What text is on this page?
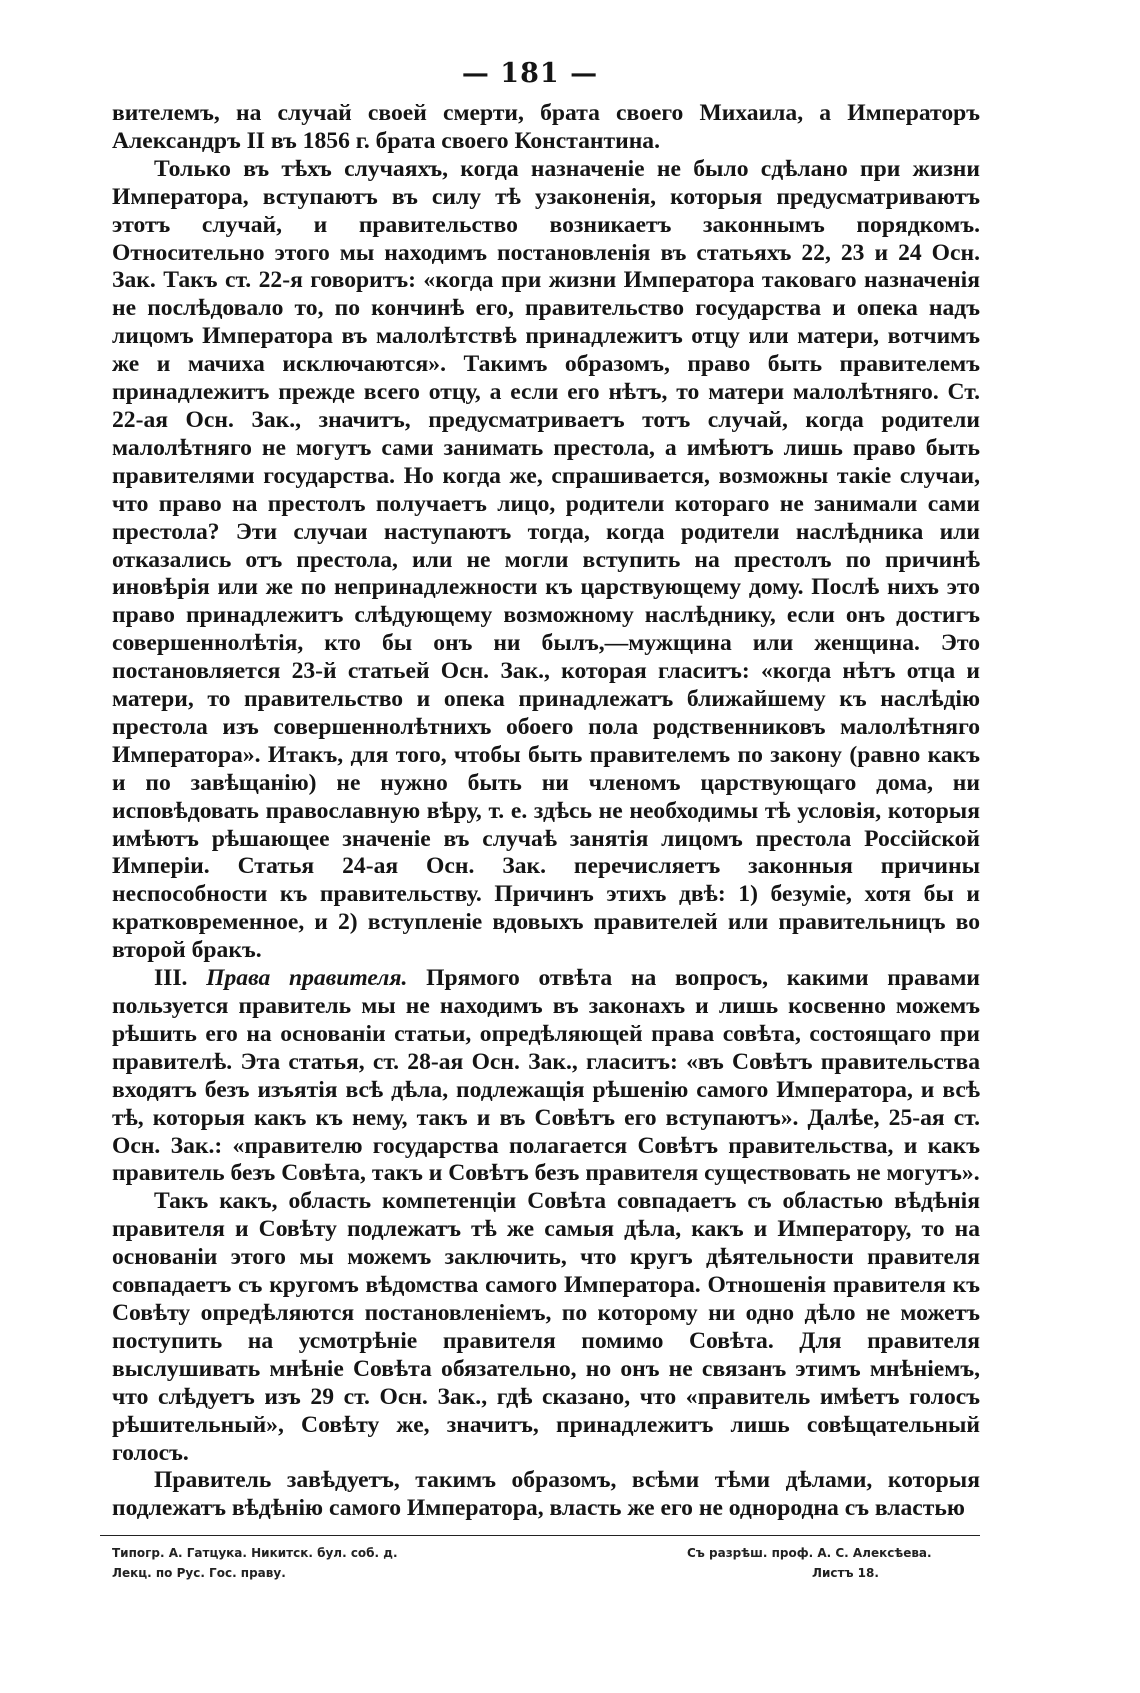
— 181 —

вителемъ, на случай своей смерти, брата своего Михаила, а Императоръ Александръ II въ 1856 г. брата своего Константина.

Только въ тѣхъ случаяхъ, когда назначеніе не было сдѣлано при жизни Императора, вступаютъ въ силу тѣ узаконенія, которыя предусматриваютъ этотъ случай, и правительство возникаетъ законнымъ порядкомъ. Относительно этого мы находимъ постановленія въ статьяхъ 22, 23 и 24 Осн. Зак. Такъ ст. 22-я говоритъ: «когда при жизни Императора таковаго назначенія не послѣдовало то, по кончинѣ его, правительство государства и опека надъ лицомъ Императора въ малолѣтствѣ принадлежитъ отцу или матери, вотчимъ же и мачиха исключаются». Такимъ образомъ, право быть правителемъ принадлежитъ прежде всего отцу, а если его нѣтъ, то матери малолѣтняго. Ст. 22-ая Осн. Зак., значитъ, предусматриваетъ тотъ случай, когда родители малолѣтняго не могутъ сами занимать престола, а имѣютъ лишь право быть правителями государства. Но когда же, спрашивается, возможны такіе случаи, что право на престолъ получаетъ лицо, родители котораго не занимали сами престола? Эти случаи наступаютъ тогда, когда родители наслѣдника или отказались отъ престола, или не могли вступить на престолъ по причинѣ иновѣрія или же по непринадлежности къ царствующему дому. Послѣ нихъ это право принадлежитъ слѣдующему возможному наслѣднику, если онъ достигъ совершеннолѣтія, кто бы онъ ни былъ,—мужщина или женщина. Это постановляется 23-й статьей Осн. Зак., которая гласитъ: «когда нѣтъ отца и матери, то правительство и опека принадлежатъ ближайшему къ наслѣдію престола изъ совершеннолѣтнихъ обоего пола родственниковъ малолѣтняго Императора». Итакъ, для того, чтобы быть правителемъ по закону (равно какъ и по завѣщанію) не нужно быть ни членомъ царствующаго дома, ни исповѣдовать православную вѣру, т. е. здѣсь не необходимы тѣ условія, которыя имѣютъ рѣшающее значеніе въ случаѣ занятія лицомъ престола Россійской Имперіи. Статья 24-ая Осн. Зак. перечисляетъ законныя причины неспособности къ правительству. Причинъ этихъ двѣ: 1) безуміе, хотя бы и кратковременное, и 2) вступленіе вдовыхъ правителей или правительницъ во второй бракъ.

III. Права правителя. Прямого отвѣта на вопросъ, какими правами пользуется правитель мы не находимъ въ законахъ и лишь косвенно можемъ рѣшить его на основаніи статьи, опредѣляющей права совѣта, состоящаго при правителѣ. Эта статья, ст. 28-ая Осн. Зак., гласитъ: «въ Совѣтъ правительства входятъ безъ изъятія всѣ дѣла, подлежащія рѣшенію самого Императора, и всѣ тѣ, которыя какъ къ нему, такъ и въ Совѣтъ его вступаютъ». Далѣе, 25-ая ст. Осн. Зак.: «правителю государства полагается Совѣтъ правительства, и какъ правитель безъ Совѣта, такъ и Совѣтъ безъ правителя существовать не могутъ».

Такъ какъ, область компетенціи Совѣта совпадаетъ съ областью вѣдѣнія правителя и Совѣту подлежатъ тѣ же самыя дѣла, какъ и Императору, то на основаніи этого мы можемъ заключить, что кругъ дѣятельности правителя совпадаетъ съ кругомъ вѣдомства самого Императора. Отношенія правителя къ Совѣту опредѣляются постановленіемъ, по которому ни одно дѣло не можетъ поступить на усмотрѣніе правителя помимо Совѣта. Для правителя выслушивать мнѣніе Совѣта обязательно, но онъ не связанъ этимъ мнѣніемъ, что слѣдуетъ изъ 29 ст. Осн. Зак., гдѣ сказано, что «правитель имѣетъ голосъ рѣшительный», Совѣту же, значитъ, принадлежитъ лишь совѣщательный голосъ.

Правитель завѣдуетъ, такимъ образомъ, всѣми тѣми дѣлами, которыя подлежатъ вѣдѣнію самого Императора, власть же его не однородна съ властью

Типогр. А. Гатцука. Никитск. бул. соб. д.	Съ разрѣш. проф. А. С. Алексѣева.
Лекц. по Рус. Гос. праву.	Листъ 18.
